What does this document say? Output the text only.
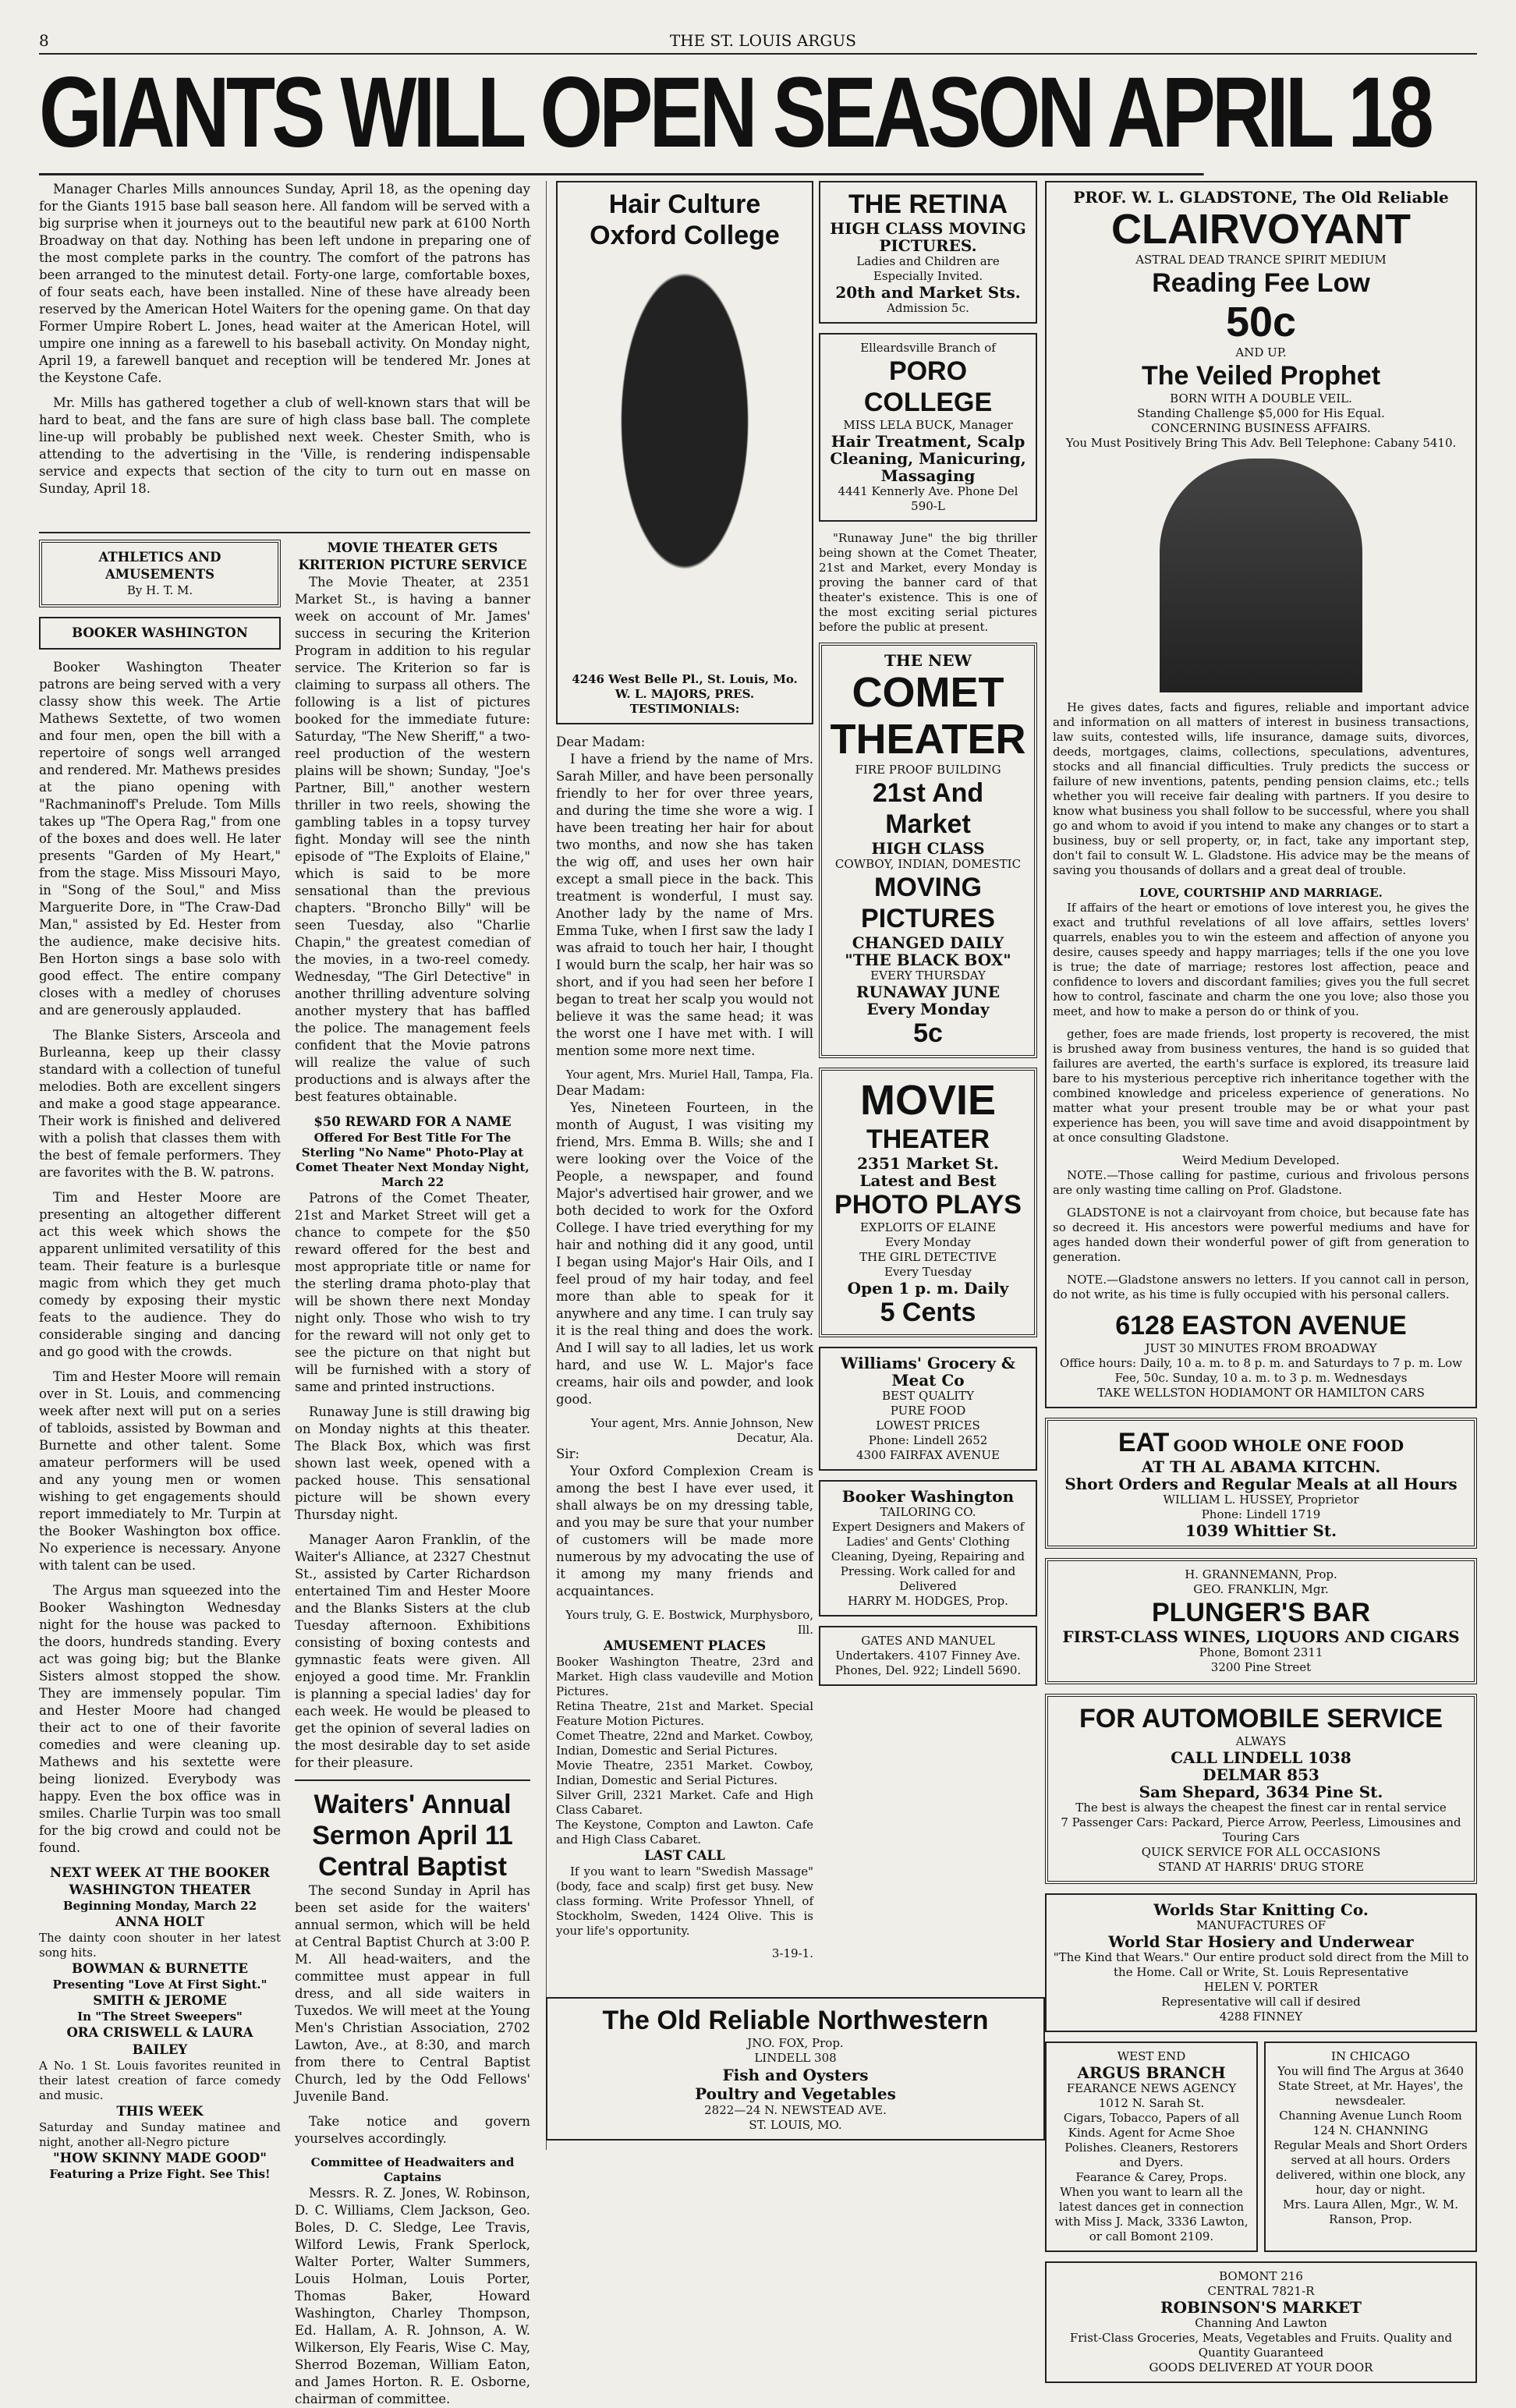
8	THE ST. LOUIS ARGUS
GIANTS WILL OPEN SEASON APRIL 18

Manager Charles Mills announces Sunday, April 18, as the opening day for the Giants 1915 base ball season here. All fandom will be served with a big surprise when it journeys out to the beautiful new park at 6100 North Broadway on that day. Nothing has been left undone in preparing one of the most complete parks in the country. The comfort of the patrons has been arranged to the minutest detail. Forty-one large, comfortable boxes, of four seats each, have been installed. Nine of these have already been reserved by the American Hotel Waiters for the opening game. On that day Former Umpire Robert L. Jones, head waiter at the American Hotel, will umpire one inning as a farewell to his baseball activity. On Monday night, April 19, a farewell banquet and reception will be tendered Mr. Jones at the Keystone Cafe.

Mr. Mills has gathered together a club of well-known stars that will be hard to beat, and the fans are sure of high class base ball. The complete line-up will probably be published next week. Chester Smith, who is attending to the advertising in the 'Ville, is rendering indispensable service and expects that section of the city to turn out en masse on Sunday, April 18.

ATHLETICS AND AMUSEMENTS
By H. T. M.
BOOKER WASHINGTON

Booker Washington Theater patrons are being served with a very classy show this week. The Artie Mathews Sextette, of two women and four men, open the bill with a repertoire of songs well arranged and rendered. Mr. Mathews presides at the piano opening with "Rachmaninoff's Prelude. Tom Mills takes up "The Opera Rag," from one of the boxes and does well. He later presents "Garden of My Heart," from the stage. Miss Missouri Mayo, in "Song of the Soul," and Miss Marguerite Dore, in "The Craw-Dad Man," assisted by Ed. Hester from the audience, make decisive hits. Ben Horton sings a base solo with good effect. The entire company closes with a medley of choruses and are generously applauded.

The Blanke Sisters, Arsceola and Burleanna, keep up their classy standard with a collection of tuneful melodies. Both are excellent singers and make a good stage appearance. Their work is finished and delivered with a polish that classes them with the best of female performers. They are favorites with the B. W. patrons.

Tim and Hester Moore are presenting an altogether different act this week which shows the apparent unlimited versatility of this team. Their feature is a burlesque magic from which they get much comedy by exposing their mystic feats to the audience. They do considerable singing and dancing and go good with the crowds.

Tim and Hester Moore will remain over in St. Louis, and commencing week after next will put on a series of tabloids, assisted by Bowman and Burnette and other talent. Some amateur performers will be used and any young men or women wishing to get engagements should report immediately to Mr. Turpin at the Booker Washington box office. No experience is necessary. Anyone with talent can be used.

The Argus man squeezed into the Booker Washington Wednesday night for the house was packed to the doors, hundreds standing. Every act was going big; but the Blanke Sisters almost stopped the show. They are immensely popular. Tim and Hester Moore had changed their act to one of their favorite comedies and were cleaning up. Mathews and his sextette were being lionized. Everybody was happy. Even the box office was in smiles. Charlie Turpin was too small for the big crowd and could not be found.

NEXT WEEK AT THE BOOKER WASHINGTON THEATER
Beginning Monday, March 22
ANNA HOLT
The dainty coon shouter in her latest song hits.
BOWMAN & BURNETTE
Presenting "Love At First Sight."
SMITH & JEROME
In "The Street Sweepers"
ORA CRISWELL & LAURA BAILEY
A No. 1 St. Louis favorites reunited in their latest creation of farce comedy and music.
THIS WEEK
Saturday and Sunday matinee and night, another all-Negro picture
"HOW SKINNY MADE GOOD"
Featuring a Prize Fight. See This!
MOVIE THEATER GETS KRITERION PICTURE SERVICE

The Movie Theater, at 2351 Market St., is having a banner week on account of Mr. James' success in securing the Kriterion Program in addition to his regular service. The Kriterion so far is claiming to surpass all others. The following is a list of pictures booked for the immediate future: Saturday, "The New Sheriff," a two-reel production of the western plains will be shown; Sunday, "Joe's Partner, Bill," another western thriller in two reels, showing the gambling tables in a topsy turvey fight. Monday will see the ninth episode of "The Exploits of Elaine," which is said to be more sensational than the previous chapters. "Broncho Billy" will be seen Tuesday, also "Charlie Chapin," the greatest comedian of the movies, in a two-reel comedy. Wednesday, "The Girl Detective" in another thrilling adventure solving another mystery that has baffled the police. The management feels confident that the Movie patrons will realize the value of such productions and is always after the best features obtainable.

$50 REWARD FOR A NAME
Offered For Best Title For The Sterling "No Name" Photo-Play at Comet Theater Next Monday Night, March 22

Patrons of the Comet Theater, 21st and Market Street will get a chance to compete for the $50 reward offered for the best and most appropriate title or name for the sterling drama photo-play that will be shown there next Monday night only. Those who wish to try for the reward will not only get to see the picture on that night but will be furnished with a story of same and printed instructions.

Runaway June is still drawing big on Monday nights at this theater. The Black Box, which was first shown last week, opened with a packed house. This sensational picture will be shown every Thursday night.

Manager Aaron Franklin, of the Waiter's Alliance, at 2327 Chestnut St., assisted by Carter Richardson entertained Tim and Hester Moore and the Blanks Sisters at the club Tuesday afternoon. Exhibitions consisting of boxing contests and gymnastic feats were given. All enjoyed a good time. Mr. Franklin is planning a special ladies' day for each week. He would be pleased to get the opinion of several ladies on the most desirable day to set aside for their pleasure.

Waiters' Annual
Sermon April 11
Central Baptist

The second Sunday in April has been set aside for the waiters' annual sermon, which will be held at Central Baptist Church at 3:00 P. M. All head-waiters, and the committee must appear in full dress, and all side waiters in Tuxedos. We will meet at the Young Men's Christian Association, 2702 Lawton, Ave., at 8:30, and march from there to Central Baptist Church, led by the Odd Fellows' Juvenile Band.

Take notice and govern yourselves accordingly.

Committee of Headwaiters and Captains

Messrs. R. Z. Jones, W. Robinson, D. C. Williams, Clem Jackson, Geo. Boles, D. C. Sledge, Lee Travis, Wilford Lewis, Frank Sperlock, Walter Porter, Walter Summers, Louis Holman, Louis Porter, Thomas Baker, Howard Washington, Charley Thompson, Ed. Hallam, A. R. Johnson, A. W. Wilkerson, Ely Fearis, Wise C. May, Sherrod Bozeman, William Eaton, and James Horton. R. E. Osborne, chairman of committee.

Hair Culture
Oxford College
4246 West Belle Pl., St. Louis, Mo.
W. L. MAJORS, PRES.
TESTIMONIALS:
Dear Madam:

I have a friend by the name of Mrs. Sarah Miller, and have been personally friendly to her for over three years, and during the time she wore a wig. I have been treating her hair for about two months, and now she has taken the wig off, and uses her own hair except a small piece in the back. This treatment is wonderful, I must say. Another lady by the name of Mrs. Emma Tuke, when I first saw the lady I was afraid to touch her hair, I thought I would burn the scalp, her hair was so short, and if you had seen her before I began to treat her scalp you would not believe it was the same head; it was the worst one I have met with. I will mention some more next time.

Your agent, Mrs. Muriel Hall, Tampa, Fla.
Dear Madam:

Yes, Nineteen Fourteen, in the month of August, I was visiting my friend, Mrs. Emma B. Wills; she and I were looking over the Voice of the People, a newspaper, and found Major's advertised hair grower, and we both decided to work for the Oxford College. I have tried everything for my hair and nothing did it any good, until I began using Major's Hair Oils, and I feel proud of my hair today, and feel more than able to speak for it anywhere and any time. I can truly say it is the real thing and does the work. And I will say to all ladies, let us work hard, and use W. L. Major's face creams, hair oils and powder, and look good.

Your agent, Mrs. Annie Johnson, New Decatur, Ala.
Sir:

Your Oxford Complexion Cream is among the best I have ever used, it shall always be on my dressing table, and you may be sure that your number of customers will be made more numerous by my advocating the use of it among my many friends and acquaintances.

Yours truly, G. E. Bostwick, Murphysboro, Ill.
AMUSEMENT PLACES
Booker Washington Theatre, 23rd and Market. High class vaudeville and Motion Pictures.
Retina Theatre, 21st and Market. Special Feature Motion Pictures.
Comet Theatre, 22nd and Market. Cowboy, Indian, Domestic and Serial Pictures.
Movie Theatre, 2351 Market. Cowboy, Indian, Domestic and Serial Pictures.
Silver Grill, 2321 Market. Cafe and High Class Cabaret.
The Keystone, Compton and Lawton. Cafe and High Class Cabaret.
LAST CALL

If you want to learn "Swedish Massage" (body, face and scalp) first get busy. New class forming. Write Professor Yhnell, of Stockholm, Sweden, 1424 Olive. This is your life's opportunity.

3-19-1.
THE RETINA
HIGH CLASS MOVING PICTURES.
Ladies and Children are Especially Invited.
20th and Market Sts.
Admission 5c.
Elleardsville Branch of
PORO COLLEGE
MISS LELA BUCK, Manager
Hair Treatment, Scalp Cleaning, Manicuring, Massaging
4441 Kennerly Ave. Phone Del 590-L

"Runaway June" the big thriller being shown at the Comet Theater, 21st and Market, every Monday is proving the banner card of that theater's existence. This is one of the most exciting serial pictures before the public at present.

THE NEW
COMET
THEATER
FIRE PROOF BUILDING
21st And Market
HIGH CLASS
COWBOY, INDIAN, DOMESTIC
MOVING PICTURES
CHANGED DAILY
"THE BLACK BOX"
EVERY THURSDAY
RUNAWAY JUNE
Every Monday
5c
MOVIE
THEATER
2351 Market St.
Latest and Best
PHOTO PLAYS
EXPLOITS OF ELAINE
Every Monday
THE GIRL DETECTIVE
Every Tuesday
Open 1 p. m. Daily
5 Cents
Williams' Grocery & Meat Co
BEST QUALITY
PURE FOOD
LOWEST PRICES
Phone: Lindell 2652
4300 FAIRFAX AVENUE
Booker Washington
TAILORING CO.
Expert Designers and Makers of Ladies' and Gents' Clothing
Cleaning, Dyeing, Repairing and Pressing. Work called for and Delivered
HARRY M. HODGES, Prop.
GATES AND MANUEL
Undertakers. 4107 Finney Ave.
Phones, Del. 922; Lindell 5690.
PROF. W. L. GLADSTONE, The Old Reliable
CLAIRVOYANT
ASTRAL DEAD TRANCE SPIRIT MEDIUM
Reading Fee Low
50c
AND UP.
The Veiled Prophet
BORN WITH A DOUBLE VEIL.
Standing Challenge $5,000 for His Equal.
CONCERNING BUSINESS AFFAIRS.
You Must Positively Bring This Adv. Bell Telephone: Cabany 5410.

He gives dates, facts and figures, reliable and important advice and information on all matters of interest in business transactions, law suits, contested wills, life insurance, damage suits, divorces, deeds, mortgages, claims, collections, speculations, adventures, stocks and all financial difficulties. Truly predicts the success or failure of new inventions, patents, pending pension claims, etc.; tells whether you will receive fair dealing with partners. If you desire to know what business you shall follow to be successful, where you shall go and whom to avoid if you intend to make any changes or to start a business, buy or sell property, or, in fact, take any important step, don't fail to consult W. L. Gladstone. His advice may be the means of saving you thousands of dollars and a great deal of trouble.

LOVE, COURTSHIP AND MARRIAGE.

If affairs of the heart or emotions of love interest you, he gives the exact and truthful revelations of all love affairs, settles lovers' quarrels, enables you to win the esteem and affection of anyone you desire, causes speedy and happy marriages; tells if the one you love is true; the date of marriage; restores lost affection, peace and confidence to lovers and discordant families; gives you the full secret how to control, fascinate and charm the one you love; also those you meet, and how to make a person do or think of you.

gether, foes are made friends, lost property is recovered, the mist is brushed away from business ventures, the hand is so guided that failures are averted, the earth's surface is explored, its treasure laid bare to his mysterious perceptive rich inheritance together with the combined knowledge and priceless experience of generations. No matter what your present trouble may be or what your past experience has been, you will save time and avoid disappointment by at once consulting Gladstone.

Weird Medium Developed.

NOTE.—Those calling for pastime, curious and frivolous persons are only wasting time calling on Prof. Gladstone.

GLADSTONE is not a clairvoyant from choice, but because fate has so decreed it. His ancestors were powerful mediums and have for ages handed down their wonderful power of gift from generation to generation.

NOTE.—Gladstone answers no letters. If you cannot call in person, do not write, as his time is fully occupied with his personal callers.

6128 EASTON AVENUE
JUST 30 MINUTES FROM BROADWAY
Office hours: Daily, 10 a. m. to 8 p. m. and Saturdays to 7 p. m. Low Fee, 50c. Sunday, 10 a. m. to 3 p. m. Wednesdays
TAKE WELLSTON HODIAMONT OR HAMILTON CARS
EAT GOOD WHOLE ONE FOOD
AT TH AL ABAMA KITCHN.
Short Orders and Regular Meals at all Hours
WILLIAM L. HUSSEY, Proprietor
Phone: Lindell 1719
1039 Whittier St.
H. GRANNEMANN, Prop.
GEO. FRANKLIN, Mgr.
PLUNGER'S BAR
FIRST-CLASS WINES, LIQUORS AND CIGARS
Phone, Bomont 2311
3200 Pine Street
FOR AUTOMOBILE SERVICE
ALWAYS
CALL LINDELL 1038
DELMAR 853
Sam Shepard, 3634 Pine St.
The best is always the cheapest the finest car in rental service
7 Passenger Cars: Packard, Pierce Arrow, Peerless, Limousines and Touring Cars
QUICK SERVICE FOR ALL OCCASIONS
STAND AT HARRIS' DRUG STORE
Worlds Star Knitting Co.
MANUFACTURES OF
World Star Hosiery and Underwear
"The Kind that Wears." Our entire product sold direct from the Mill to the Home. Call or Write, St. Louis Representative
HELEN V. PORTER
Representative will call if desired
4288 FINNEY
WEST END
ARGUS BRANCH
FEARANCE NEWS AGENCY
1012 N. Sarah St.
Cigars, Tobacco, Papers of all Kinds. Agent for Acme Shoe Polishes. Cleaners, Restorers and Dyers.
Fearance & Carey, Props.
When you want to learn all the latest dances get in connection with Miss J. Mack, 3336 Lawton, or call Bomont 2109.
IN CHICAGO
You will find The Argus at 3640 State Street, at Mr. Hayes', the newsdealer.
Channing Avenue Lunch Room
124 N. CHANNING
Regular Meals and Short Orders served at all hours. Orders delivered, within one block, any hour, day or night.
Mrs. Laura Allen, Mgr., W. M. Ranson, Prop.
BOMONT 216
CENTRAL 7821-R
ROBINSON'S MARKET
Channing And Lawton
Frist-Class Groceries, Meats, Vegetables and Fruits. Quality and Quantity Guaranteed
GOODS DELIVERED AT YOUR DOOR
The Old Reliable Northwestern
JNO. FOX, Prop.
LINDELL 308
Fish and Oysters
Poultry and Vegetables
2822—24 N. NEWSTEAD AVE.
ST. LOUIS, MO.
